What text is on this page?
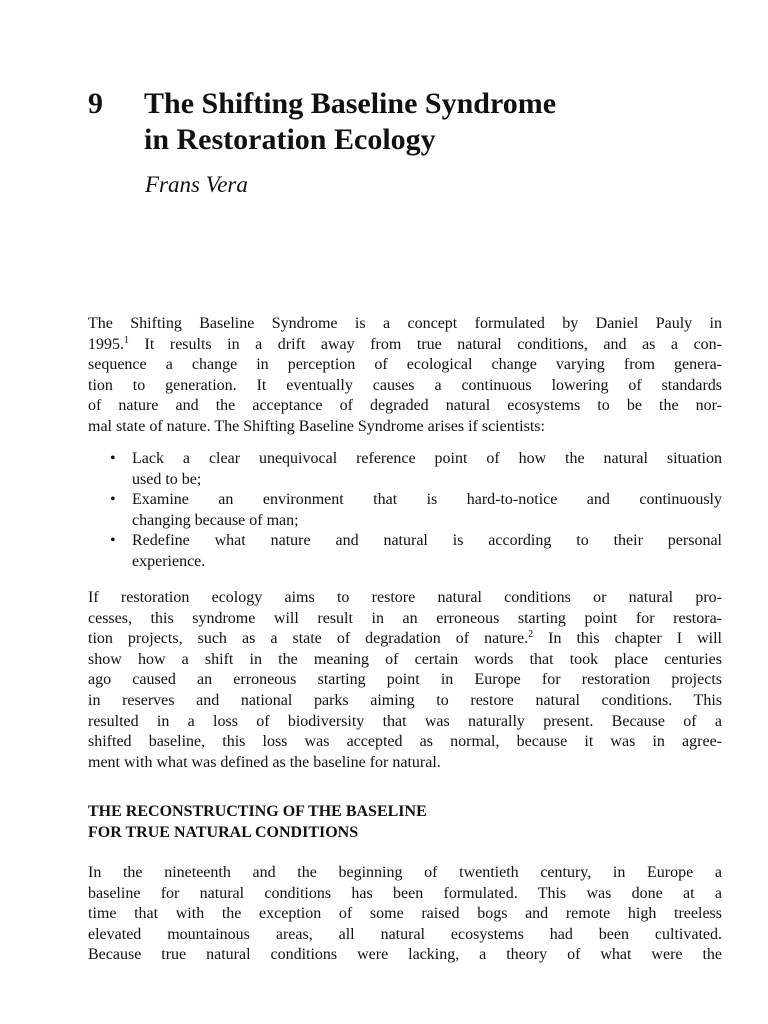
9	The Shifting Baseline Syndrome
in Restoration Ecology
Frans Vera
The Shifting Baseline Syndrome is a concept formulated by Daniel Pauly in
1995.$^1$ It results in a drift away from true natural conditions, and as a con-
sequence a change in perception of ecological change varying from genera-
tion to generation. It eventually causes a continuous lowering of standards
of nature and the acceptance of degraded natural ecosystems to be the nor-
mal state of nature. The Shifting Baseline Syndrome arises if scientists:
• Lack a clear unequivocal reference point of how the natural situation
used to be;
• Examine an environment that is hard-to-notice and continuously
changing because of man;
• Redefine what nature and natural is according to their personal
experience.
If restoration ecology aims to restore natural conditions or natural pro-
cesses, this syndrome will result in an erroneous starting point for restora-
tion projects, such as a state of degradation of nature.$^2$ In this chapter I will
show how a shift in the meaning of certain words that took place centuries
ago caused an erroneous starting point in Europe for restoration projects
in reserves and national parks aiming to restore natural conditions. This
resulted in a loss of biodiversity that was naturally present. Because of a
shifted baseline, this loss was accepted as normal, because it was in agree-
ment with what was defined as the baseline for natural.
THE RECONSTRUCTING OF THE BASELINE
FOR TRUE NATURAL CONDITIONS
In the nineteenth and the beginning of twentieth century, in Europe a
baseline for natural conditions has been formulated. This was done at a
time that with the exception of some raised bogs and remote high treeless
elevated mountainous areas, all natural ecosystems had been cultivated.
Because true natural conditions were lacking, a theory of what were the
